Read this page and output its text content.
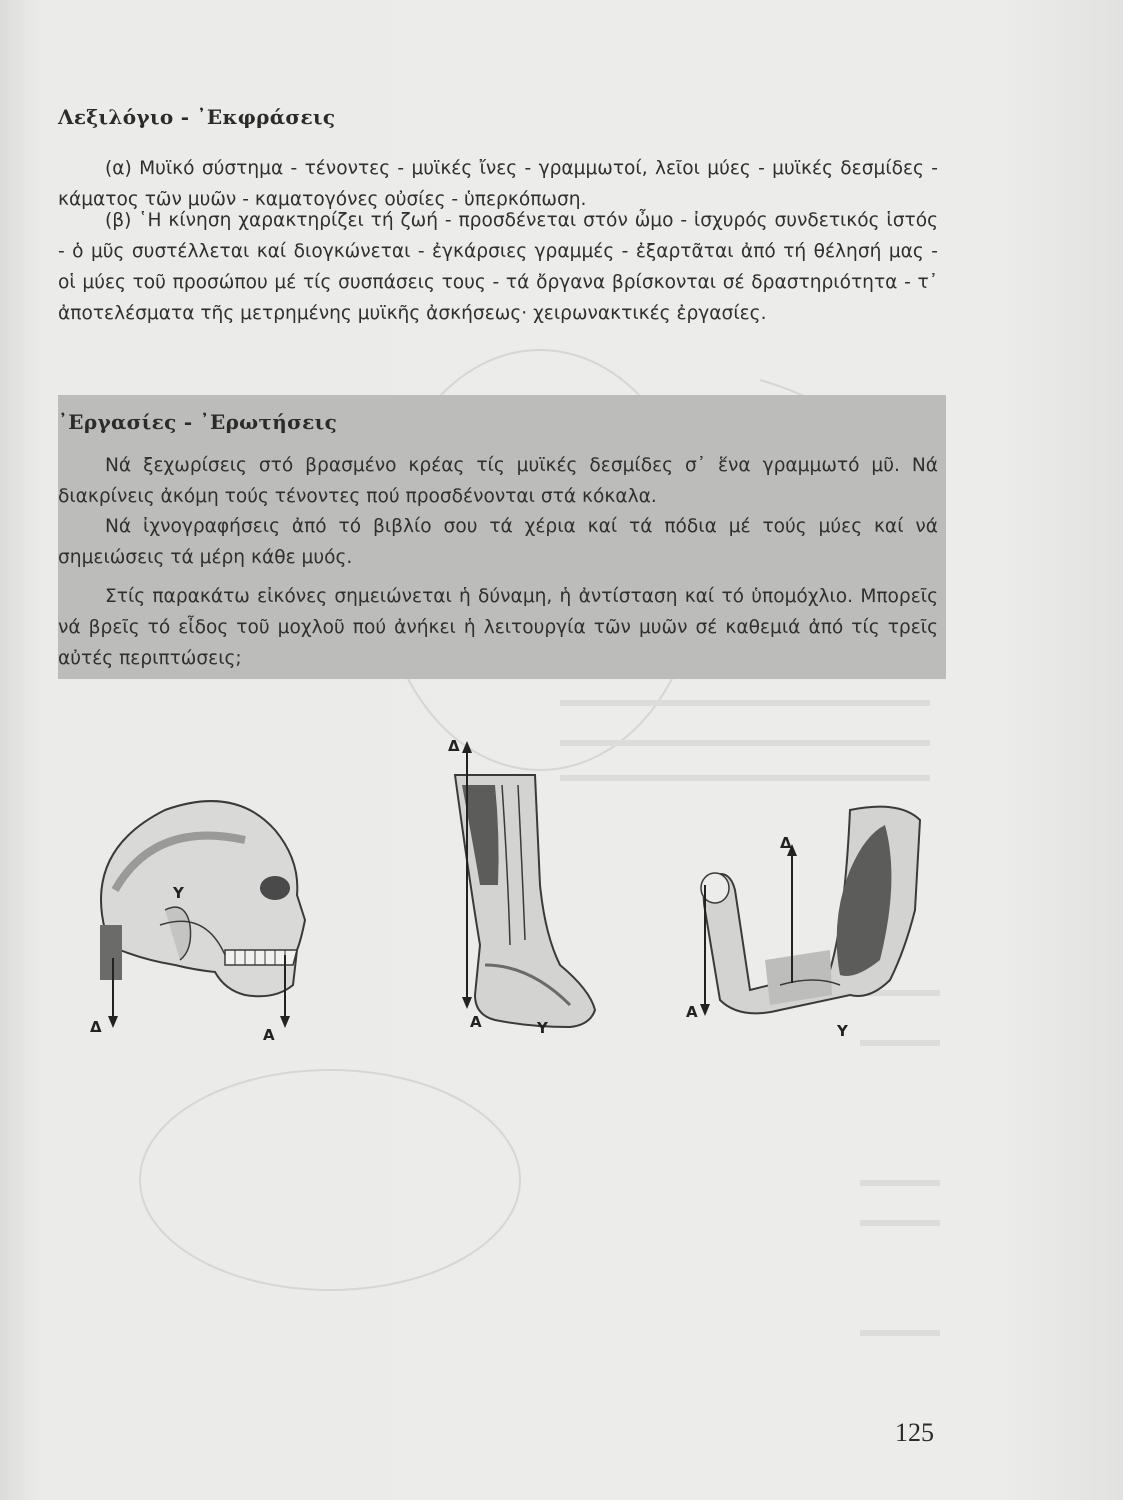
Λεξιλόγιο - ᾿Εκφράσεις
(α) Μυϊκό σύστημα - τένοντες - μυϊκές ἴνες - γραμμωτοί, λεῖοι μύες - μυϊκές δεσμίδες - κάματος τῶν μυῶν - καματογόνες οὐσίες - ὑπερκόπωση.
(β) ῾Η κίνηση χαρακτηρίζει τή ζωή - προσδένεται στόν ὦμο - ἰσχυρός συνδετικός ἱστός - ὁ μῦς συστέλλεται καί διογκώνεται - ἐγκάρσιες γραμμές - ἐξαρτᾶται ἀπό τή θέλησή μας - οἱ μύες τοῦ προσώπου μέ τίς συσπάσεις τους - τά ὄργανα βρίσκονται σέ δραστηριότητα - τ᾿ ἀποτελέσματα τῆς μετρημένης μυϊκῆς ἀσκήσεως· χειρωνακτικές ἐργασίες.
᾿Εργασίες - ᾿Ερωτήσεις
Νά ξεχωρίσεις στό βρασμένο κρέας τίς μυϊκές δεσμίδες σ᾿ ἕνα γραμμωτό μῦ. Νά διακρίνεις ἀκόμη τούς τένοντες πού προσδένονται στά κόκαλα.
Νά ἰχνογραφήσεις ἀπό τό βιβλίο σου τά χέρια καί τά πόδια μέ τούς μύες καί νά σημειώσεις τά μέρη κάθε μυός.
Στίς παρακάτω εἰκόνες σημειώνεται ἡ δύναμη, ἡ ἀντίσταση καί τό ὑπομόχλιο. Μπορεῖς νά βρεῖς τό εἶδος τοῦ μοχλοῦ πού ἀνήκει ἡ λειτουργία τῶν μυῶν σέ καθεμιά ἀπό τίς τρεῖς αὐτές περιπτώσεις;
Υ
Δ	Α
Δ
Α	Υ
Δ
Α
Υ
125
